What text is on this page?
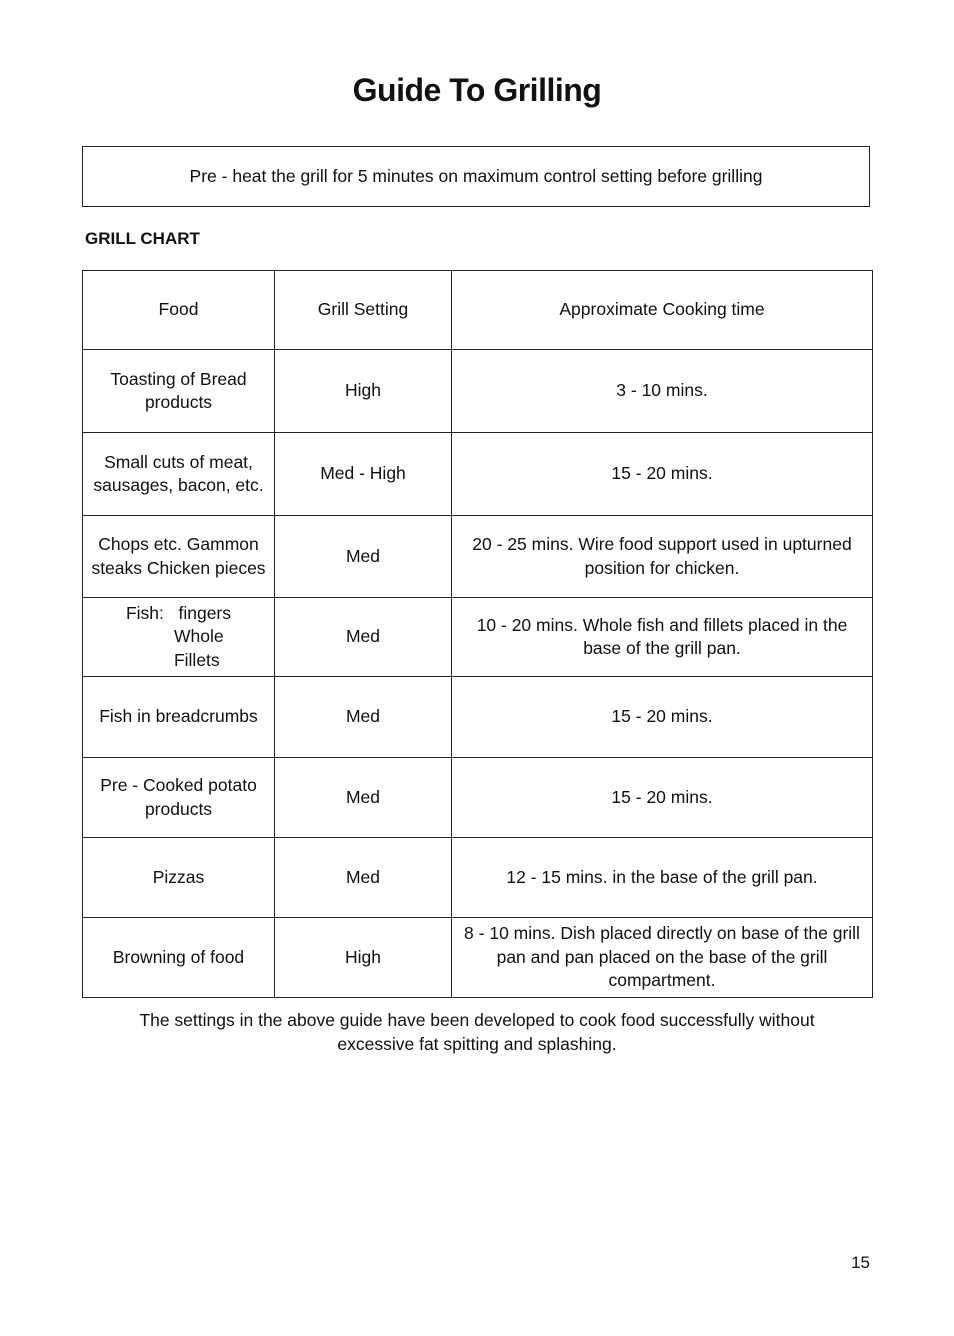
Guide To Grilling
Pre - heat the grill for 5 minutes on maximum control setting before grilling
GRILL CHART
Food	Grill Setting	Approximate Cooking time
Toasting of Bread products	High	3 - 10 mins.
Small cuts of meat, sausages, bacon, etc.	Med - High	15 - 20 mins.
Chops etc. Gammon steaks Chicken pieces	Med	20 - 25 mins. Wire food support used in upturned position for chicken.

Fish:   fingers
Whole
Fillets	Med	10 - 20 mins. Whole fish and fillets placed in the base of the grill pan.
Fish in breadcrumbs	Med	15 - 20 mins.
Pre - Cooked potato products	Med	15 - 20 mins.
Pizzas	Med	12 - 15 mins. in the base of the grill pan.
Browning of food	High	8 - 10 mins. Dish placed directly on base of the grill pan and pan placed on the base of the grill compartment.
The settings in the above guide have been developed to cook food successfully without excessive fat spitting and splashing.
15
